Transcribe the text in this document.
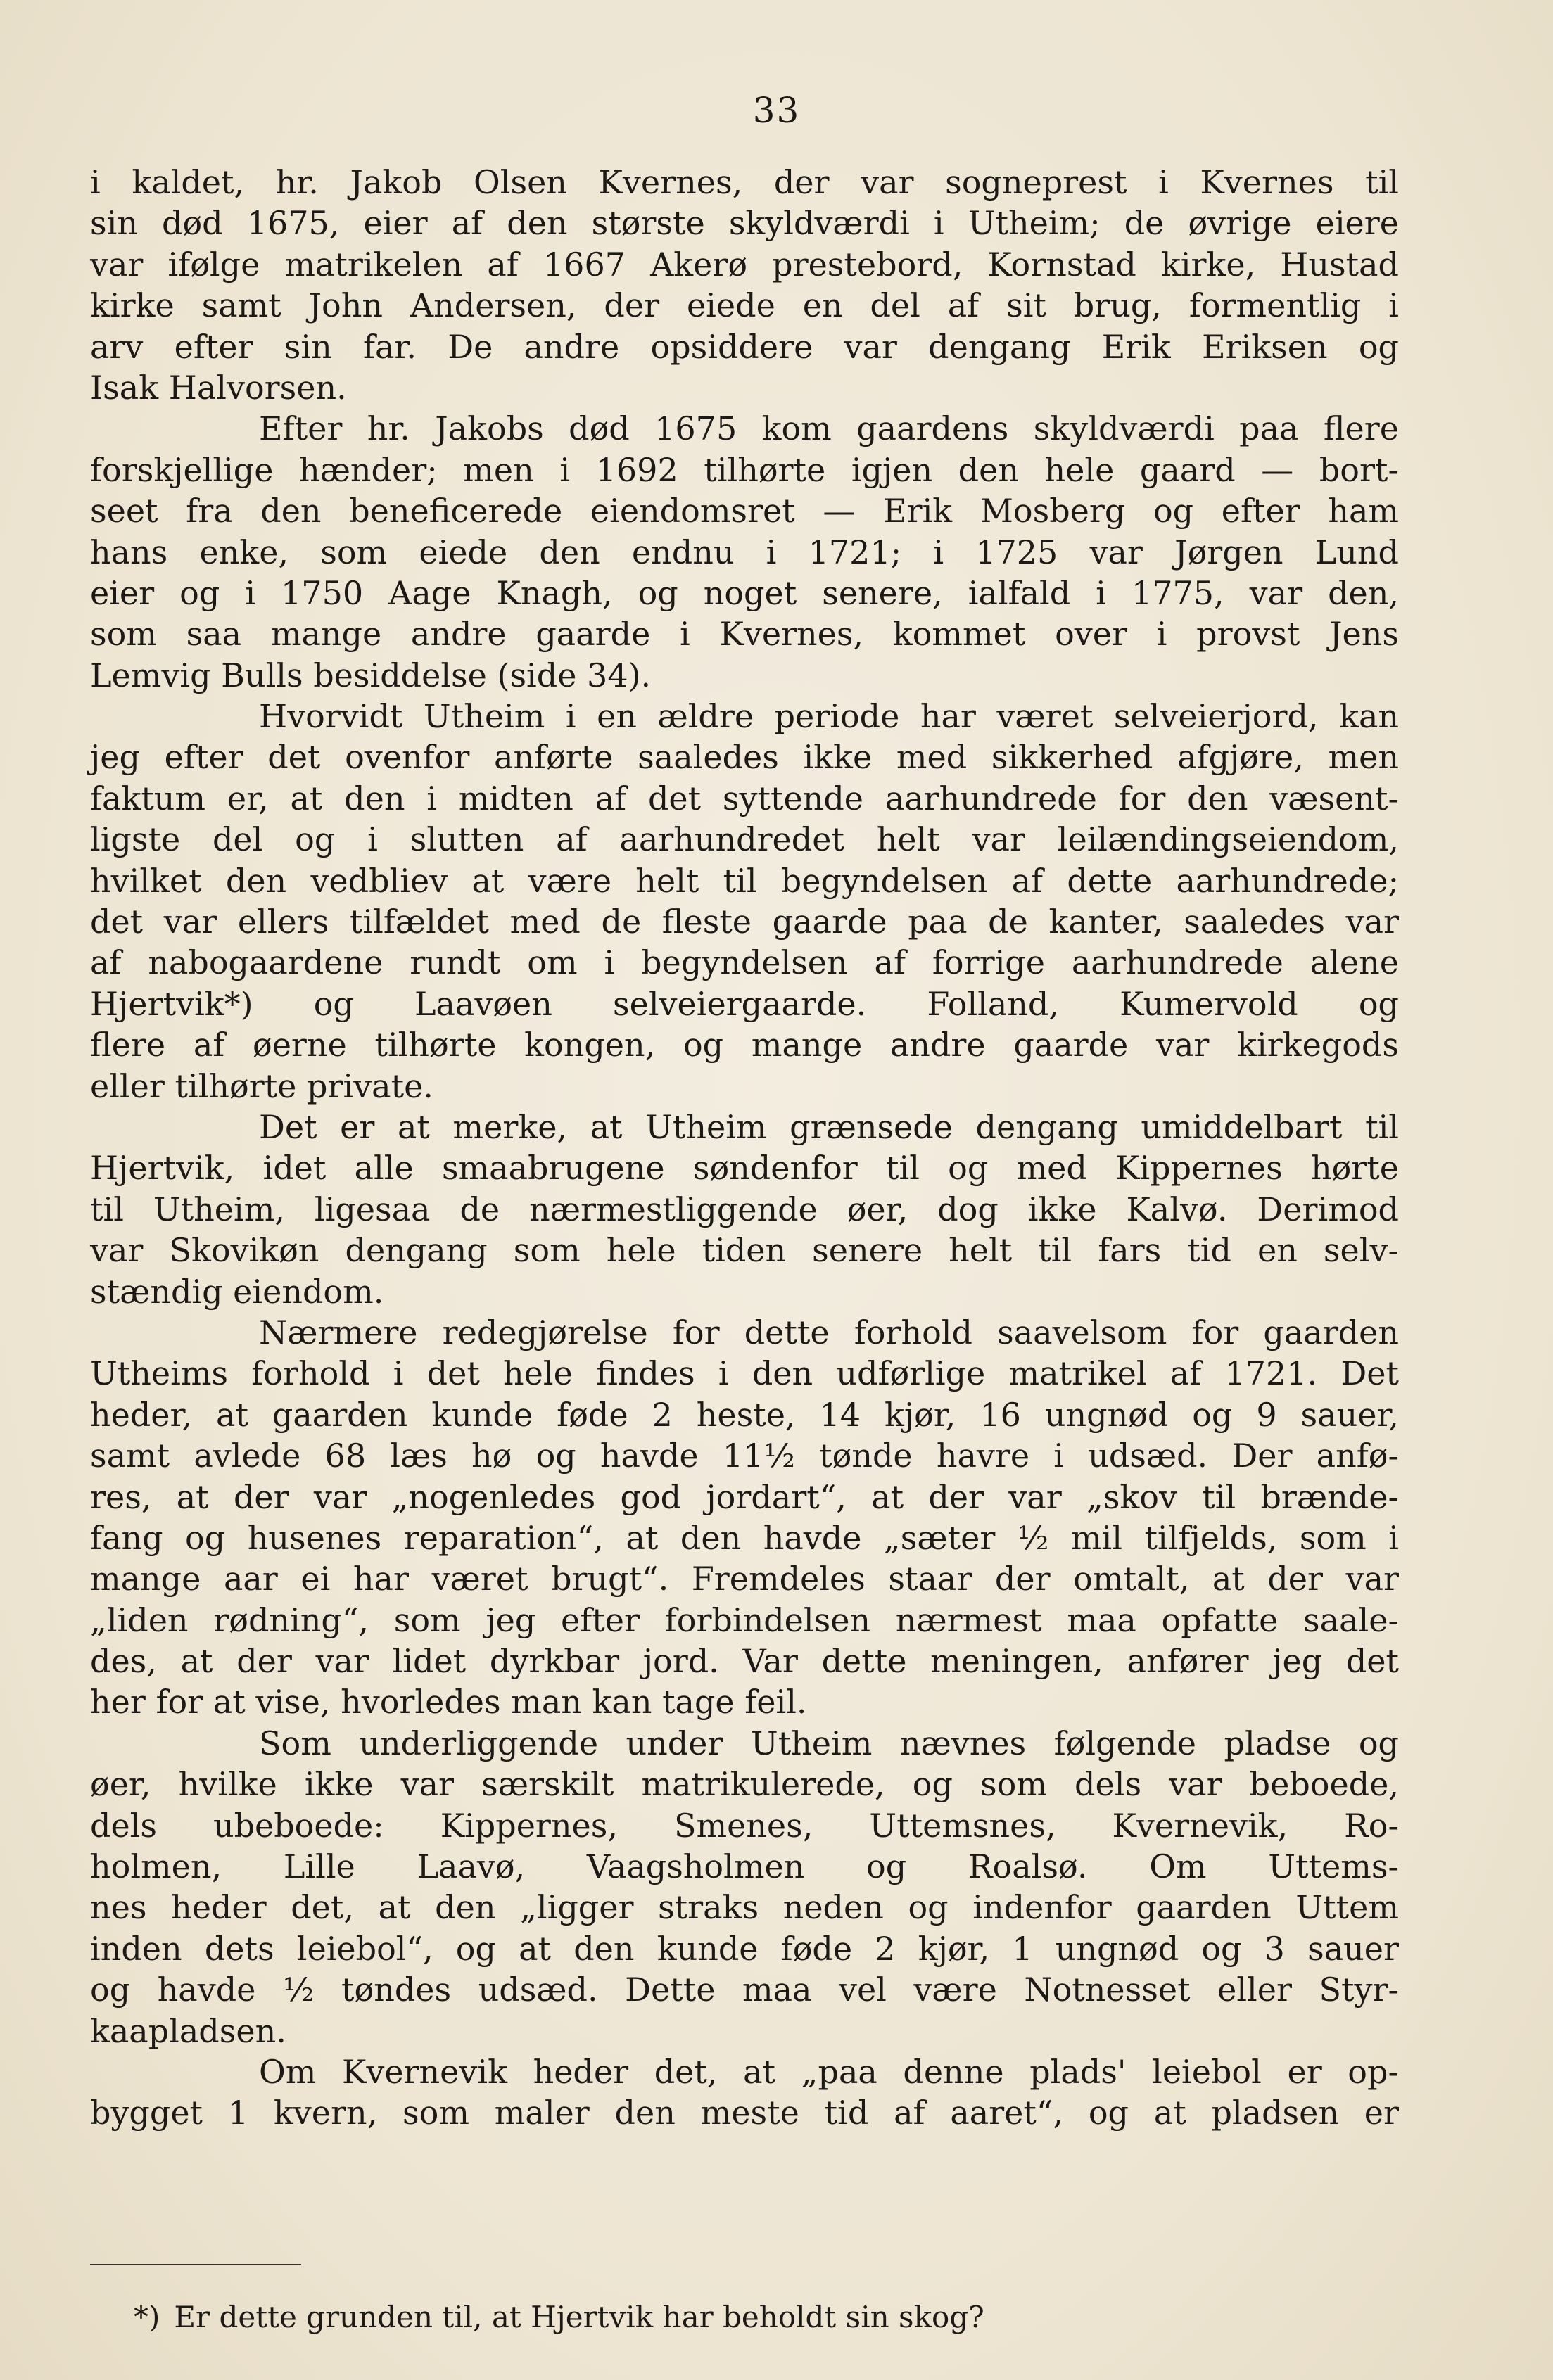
33
i kaldet, hr. Jakob Olsen Kvernes, der var sogneprest i Kvernes til
sin død 1675, eier af den største skyldværdi i Utheim; de øvrige eiere
var ifølge matrikelen af 1667 Akerø prestebord, Kornstad kirke, Hustad
kirke samt John Andersen, der eiede en del af sit brug, formentlig i
arv efter sin far. De andre opsiddere var dengang Erik Eriksen og
Isak Halvorsen.
Efter hr. Jakobs død 1675 kom gaardens skyldværdi paa flere
forskjellige hænder; men i 1692 tilhørte igjen den hele gaard — bort-
seet fra den beneficerede eiendomsret — Erik Mosberg og efter ham
hans enke, som eiede den endnu i 1721; i 1725 var Jørgen Lund
eier og i 1750 Aage Knagh, og noget senere, ialfald i 1775, var den,
som saa mange andre gaarde i Kvernes, kommet over i provst Jens
Lemvig Bulls besiddelse (side 34).
Hvorvidt Utheim i en ældre periode har været selveierjord, kan
jeg efter det ovenfor anførte saaledes ikke med sikkerhed afgjøre, men
faktum er, at den i midten af det syttende aarhundrede for den væsent-
ligste del og i slutten af aarhundredet helt var leilændingseiendom,
hvilket den vedbliev at være helt til begyndelsen af dette aarhundrede;
det var ellers tilfældet med de fleste gaarde paa de kanter, saaledes var
af nabogaardene rundt om i begyndelsen af forrige aarhundrede alene
Hjertvik*) og Laavøen selveiergaarde. Folland, Kumervold og
flere af øerne tilhørte kongen, og mange andre gaarde var kirkegods
eller tilhørte private.
Det er at merke, at Utheim grænsede dengang umiddelbart til
Hjertvik, idet alle smaabrugene søndenfor til og med Kippernes hørte
til Utheim, ligesaa de nærmestliggende øer, dog ikke Kalvø. Derimod
var Skovikøn dengang som hele tiden senere helt til fars tid en selv-
stændig eiendom.
Nærmere redegjørelse for dette forhold saavelsom for gaarden
Utheims forhold i det hele findes i den udførlige matrikel af 1721. Det
heder, at gaarden kunde føde 2 heste, 14 kjør, 16 ungnød og 9 sauer,
samt avlede 68 læs hø og havde 11½ tønde havre i udsæd. Der anfø-
res, at der var „nogenledes god jordart“, at der var „skov til brænde-
fang og husenes reparation“, at den havde „sæter ½ mil tilfjelds, som i
mange aar ei har været brugt“. Fremdeles staar der omtalt, at der var
„liden rødning“, som jeg efter forbindelsen nærmest maa opfatte saale-
des, at der var lidet dyrkbar jord. Var dette meningen, anfører jeg det
her for at vise, hvorledes man kan tage feil.
Som underliggende under Utheim nævnes følgende pladse og
øer, hvilke ikke var særskilt matrikulerede, og som dels var beboede,
dels ubeboede: Kippernes, Smenes, Uttemsnes, Kvernevik, Ro-
holmen, Lille Laavø, Vaagsholmen og Roalsø. Om Uttems-
nes heder det, at den „ligger straks neden og indenfor gaarden Uttem
inden dets leiebol“, og at den kunde føde 2 kjør, 1 ungnød og 3 sauer
og havde ½ tøndes udsæd. Dette maa vel være Notnesset eller Styr-
kaapladsen.
Om Kvernevik heder det, at „paa denne plads' leiebol er op-
bygget 1 kvern, som maler den meste tid af aaret“, og at pladsen er
*) Er dette grunden til, at Hjertvik har beholdt sin skog?
